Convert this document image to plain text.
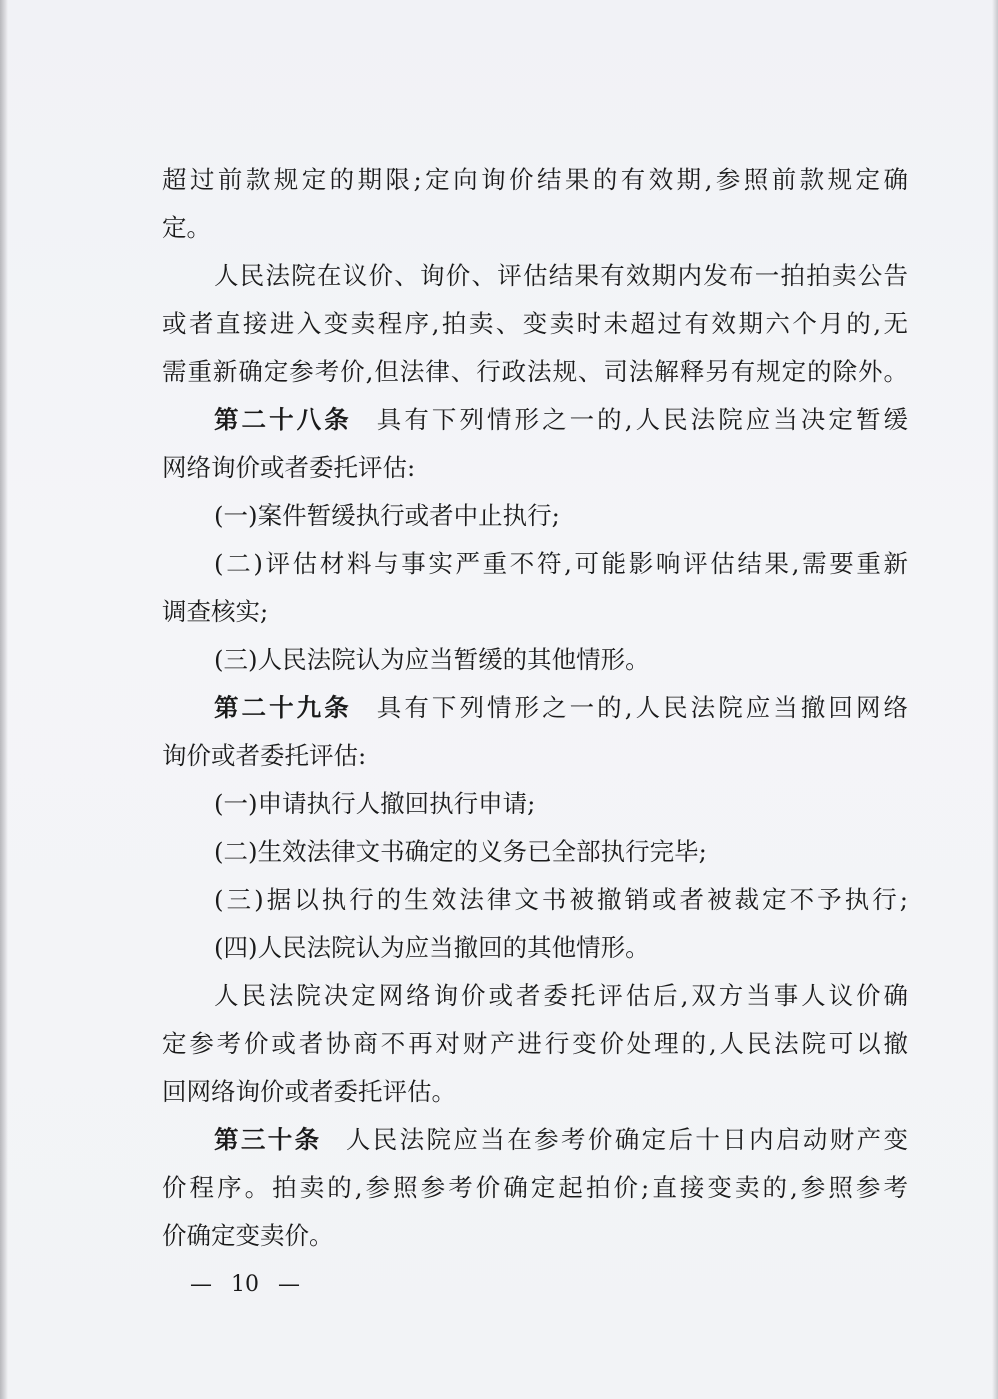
超过前款规定的期限;定向询价结果的有效期,参照前款规定确
定。
人民法院在议价、询价、评估结果有效期内发布一拍拍卖公告
或者直接进入变卖程序,拍卖、变卖时未超过有效期六个月的,无
需重新确定参考价,但法律、行政法规、司法解释另有规定的除外。
第二十八条 具有下列情形之一的,人民法院应当决定暂缓
网络询价或者委托评估:
(一)案件暂缓执行或者中止执行;
(二)评估材料与事实严重不符,可能影响评估结果,需要重新
调查核实;
(三)人民法院认为应当暂缓的其他情形。
第二十九条 具有下列情形之一的,人民法院应当撤回网络
询价或者委托评估:
(一)申请执行人撤回执行申请;
(二)生效法律文书确定的义务已全部执行完毕;
(三)据以执行的生效法律文书被撤销或者被裁定不予执行;
(四)人民法院认为应当撤回的其他情形。
人民法院决定网络询价或者委托评估后,双方当事人议价确
定参考价或者协商不再对财产进行变价处理的,人民法院可以撤
回网络询价或者委托评估。
第三十条 人民法院应当在参考价确定后十日内启动财产变
价程序。拍卖的,参照参考价确定起拍价;直接变卖的,参照参考
价确定变卖价。
— 10 —
